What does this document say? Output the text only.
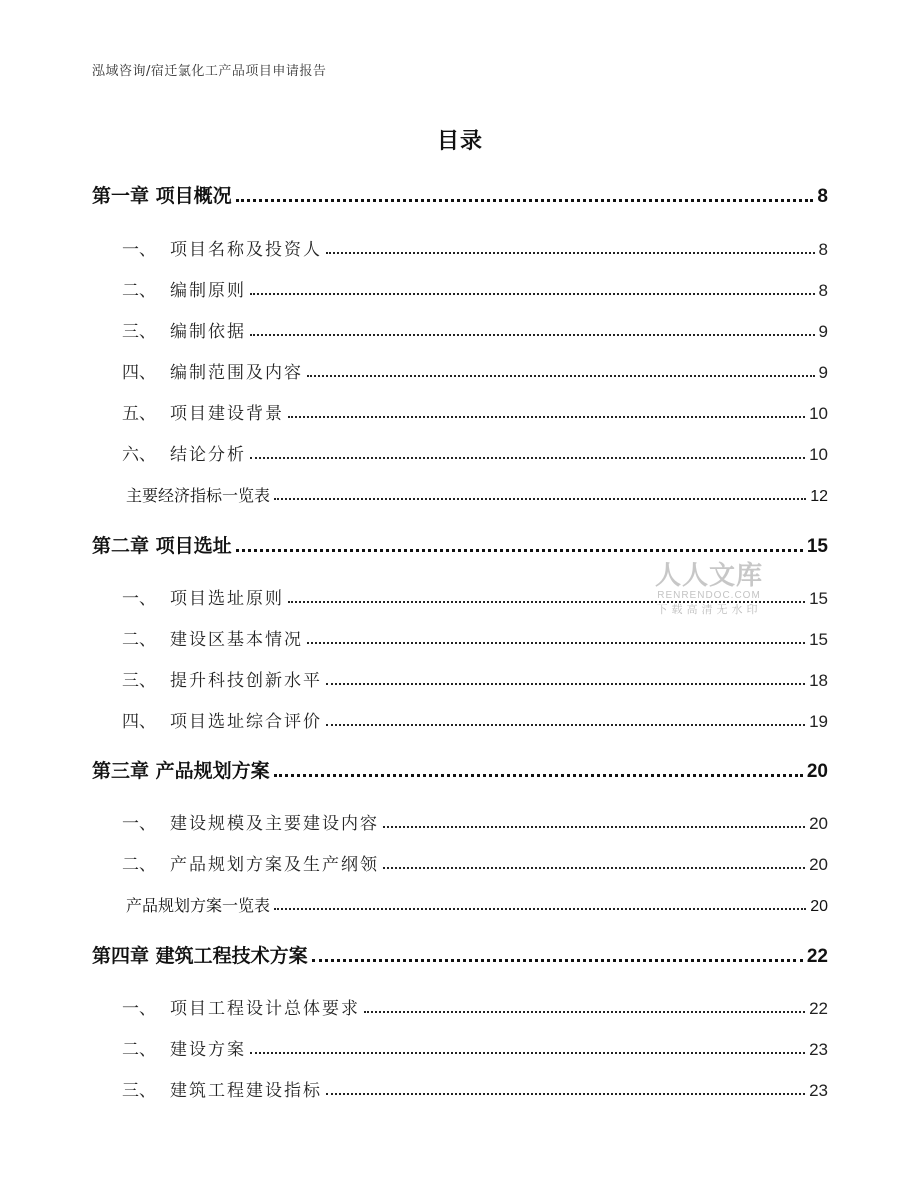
泓域咨询/宿迁氯化工产品项目申请报告
目录
第一章 项目概况	8
一、 项目名称及投资人	8
二、 编制原则	8
三、 编制依据	9
四、 编制范围及内容	9
五、 项目建设背景	10
六、 结论分析	10
主要经济指标一览表	12
第二章 项目选址	15
一、 项目选址原则	15
二、 建设区基本情况	15
三、 提升科技创新水平	18
四、 项目选址综合评价	19
第三章 产品规划方案	20
一、 建设规模及主要建设内容	20
二、 产品规划方案及生产纲领	20
产品规划方案一览表	20
第四章 建筑工程技术方案	22
一、 项目工程设计总体要求	22
二、 建设方案	23
三、 建筑工程建设指标	23
人人文库
RENRENDOC.COM
下载高清无水印
